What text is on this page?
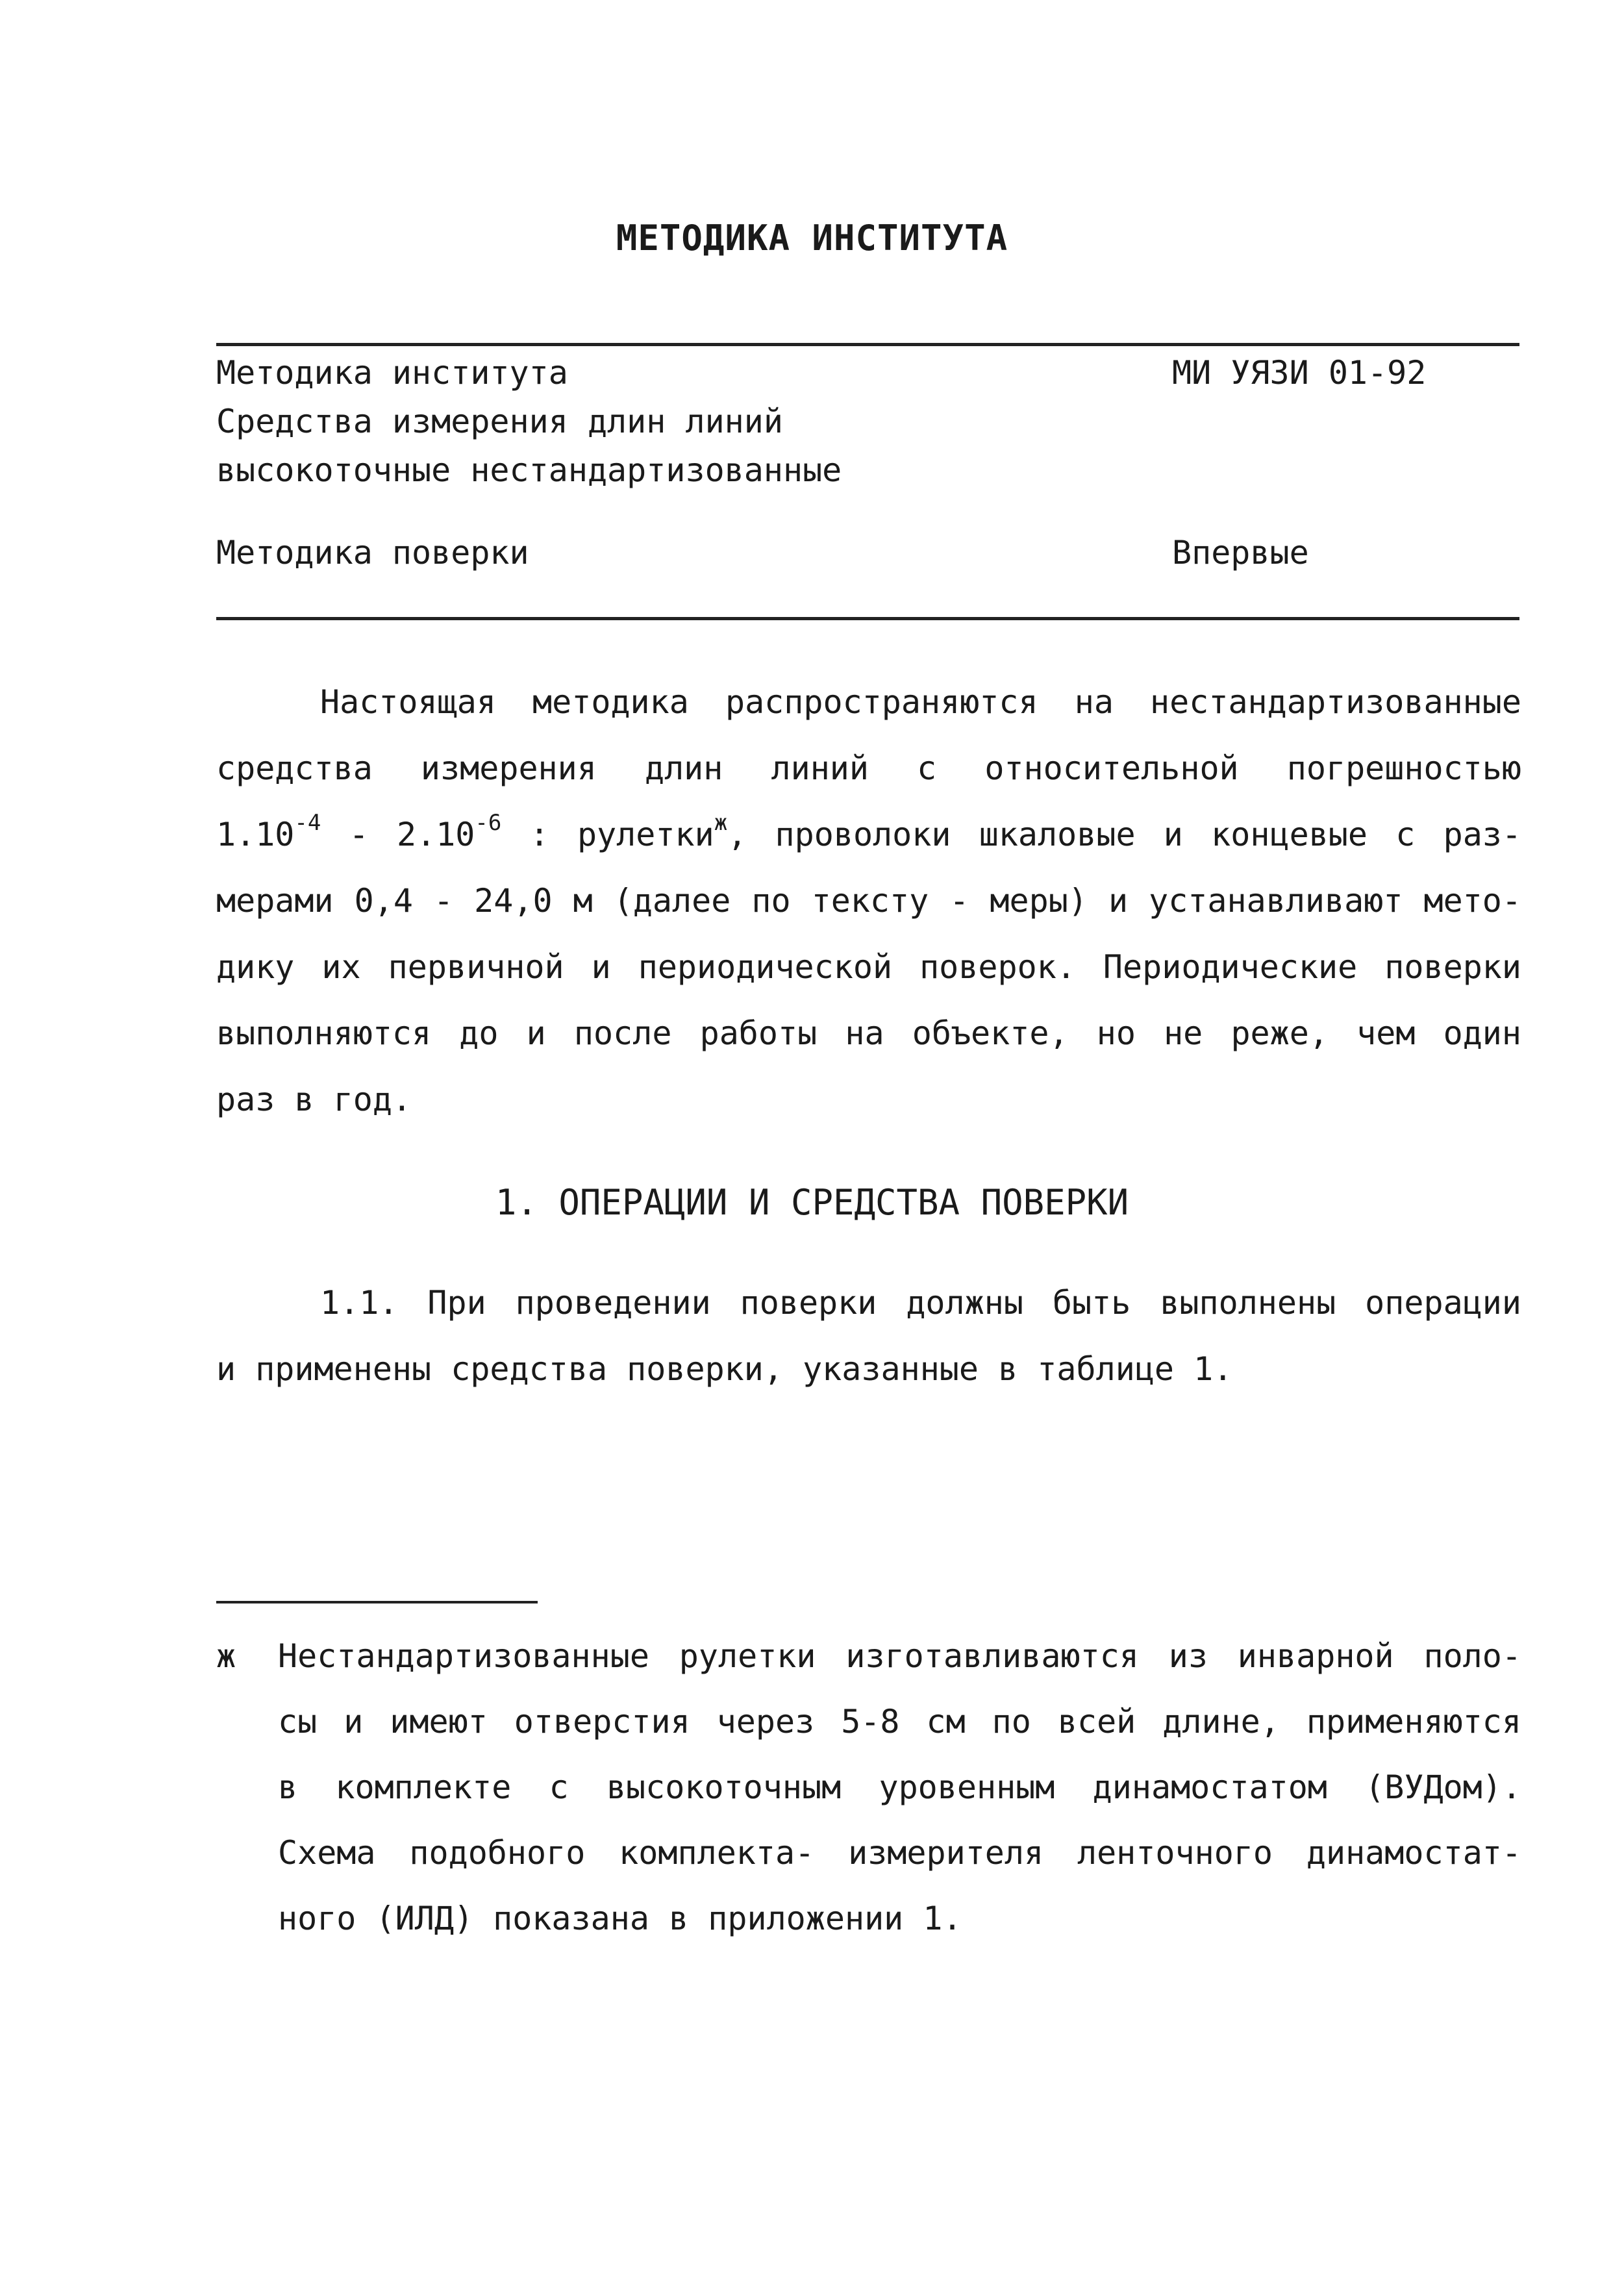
МЕТОДИКА ИНСТИТУТА
Методика института
Средства измерения длин линий
высокоточные нестандартизованные
МИ УЯЗИ 01-92
Методика поверки	Впервые
Настоящая методика распространяются на нестандартизованные
средства измерения длин линий с относительной погрешностью
$1.10^{-4} - 2.10^{-6}$ : рулетки$^ж$, проволоки шкаловые и концевые с раз-
мерами 0,4 - 24,0 м (далее по тексту - меры) и устанавливают мето-
дику их первичной и периодической поверок. Периодические поверки
выполняются до и после работы на объекте, но не реже, чем один
раз в год.
1. ОПЕРАЦИИ И СРЕДСТВА ПОВЕРКИ
1.1. При проведении поверки должны быть выполнены операции
и применены средства поверки, указанные в таблице 1.
ж Нестандартизованные рулетки изготавливаются из инварной поло-
сы и имеют отверстия через 5-8 см по всей длине, применяются
в комплекте с высокоточным уровенным динамостатом (ВУДом).
Схема подобного комплекта- измерителя ленточного динамостат-
ного (ИЛД) показана в приложении 1.
